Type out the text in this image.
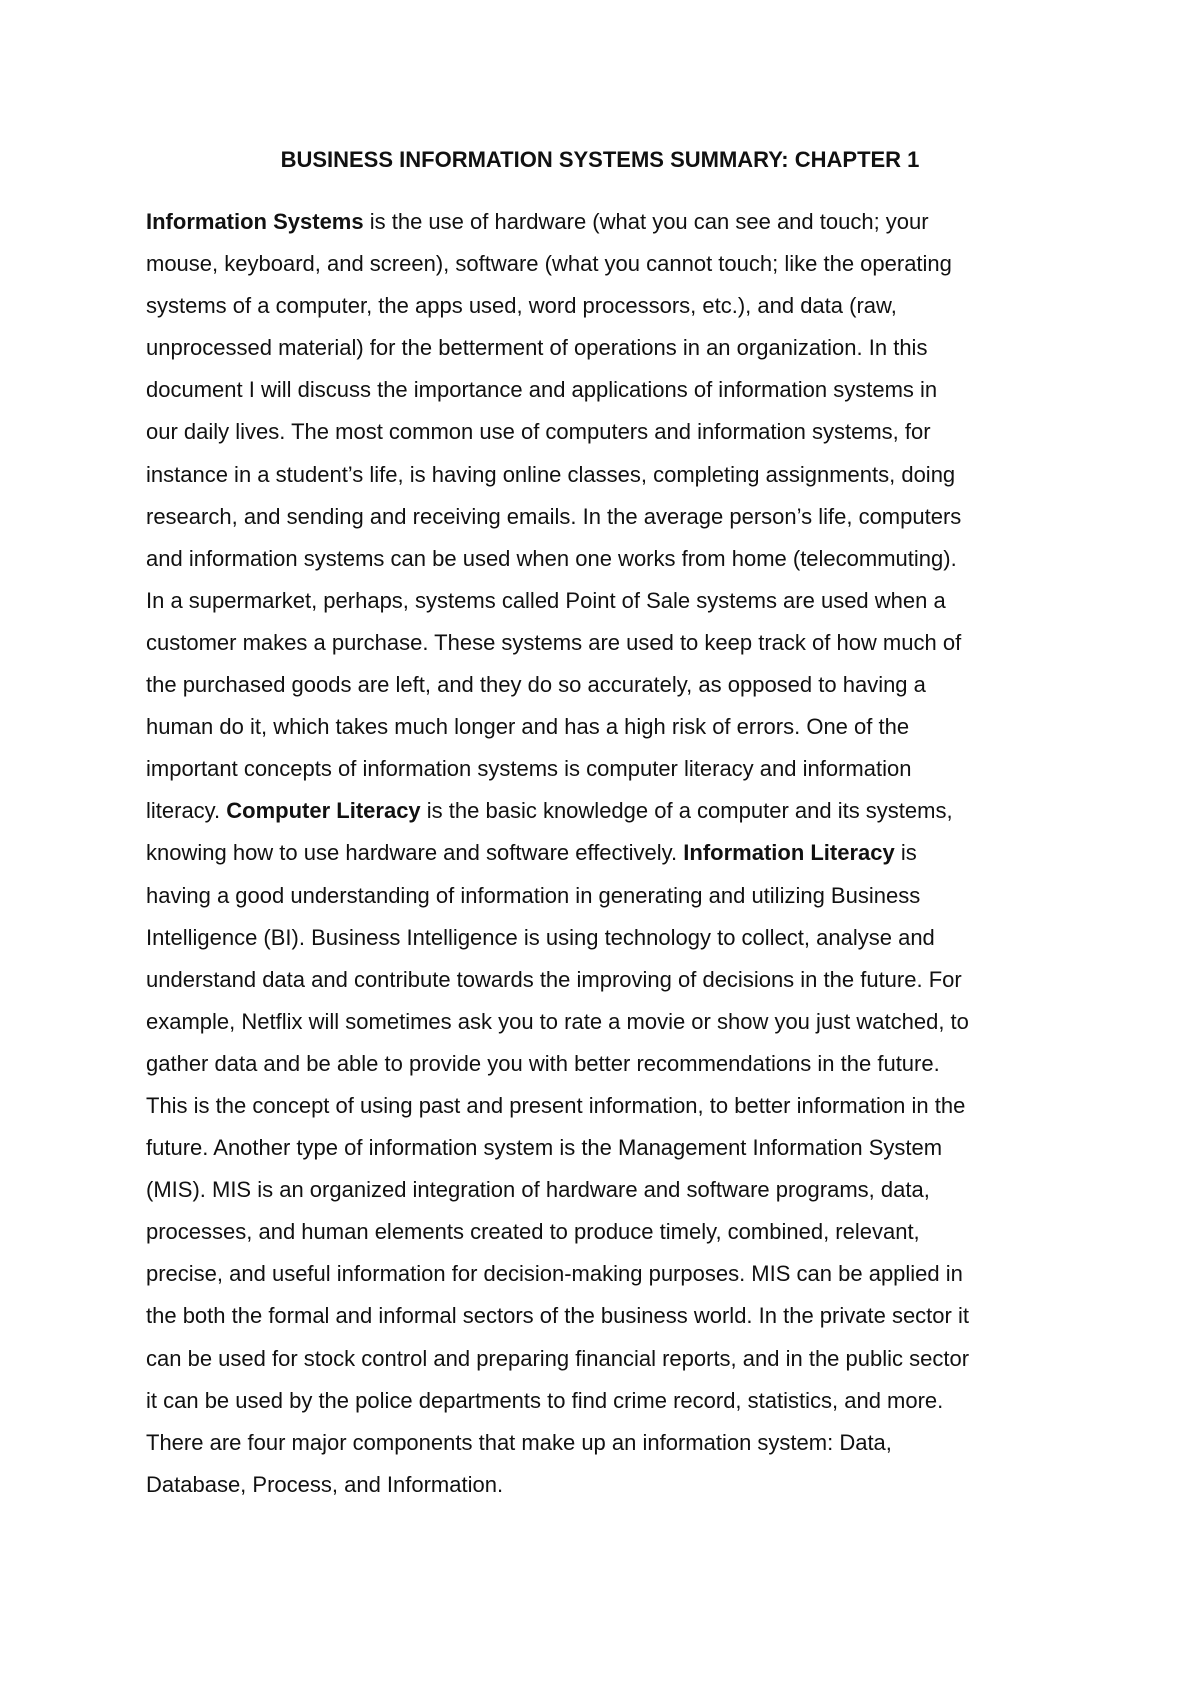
BUSINESS INFORMATION SYSTEMS SUMMARY: CHAPTER 1
Information Systems is the use of hardware (what you can see and touch; your
mouse, keyboard, and screen), software (what you cannot touch; like the operating
systems of a computer, the apps used, word processors, etc.), and data (raw,
unprocessed material) for the betterment of operations in an organization. In this
document I will discuss the importance and applications of information systems in
our daily lives. The most common use of computers and information systems, for
instance in a student’s life, is having online classes, completing assignments, doing
research, and sending and receiving emails. In the average person’s life, computers
and information systems can be used when one works from home (telecommuting).
In a supermarket, perhaps, systems called Point of Sale systems are used when a
customer makes a purchase. These systems are used to keep track of how much of
the purchased goods are left, and they do so accurately, as opposed to having a
human do it, which takes much longer and has a high risk of errors. One of the
important concepts of information systems is computer literacy and information
literacy. Computer Literacy is the basic knowledge of a computer and its systems,
knowing how to use hardware and software effectively. Information Literacy is
having a good understanding of information in generating and utilizing Business
Intelligence (BI). Business Intelligence is using technology to collect, analyse and
understand data and contribute towards the improving of decisions in the future. For
example, Netflix will sometimes ask you to rate a movie or show you just watched, to
gather data and be able to provide you with better recommendations in the future.
This is the concept of using past and present information, to better information in the
future. Another type of information system is the Management Information System
(MIS). MIS is an organized integration of hardware and software programs, data,
processes, and human elements created to produce timely, combined, relevant,
precise, and useful information for decision-making purposes. MIS can be applied in
the both the formal and informal sectors of the business world. In the private sector it
can be used for stock control and preparing financial reports, and in the public sector
it can be used by the police departments to find crime record, statistics, and more.
There are four major components that make up an information system: Data,
Database, Process, and Information.
